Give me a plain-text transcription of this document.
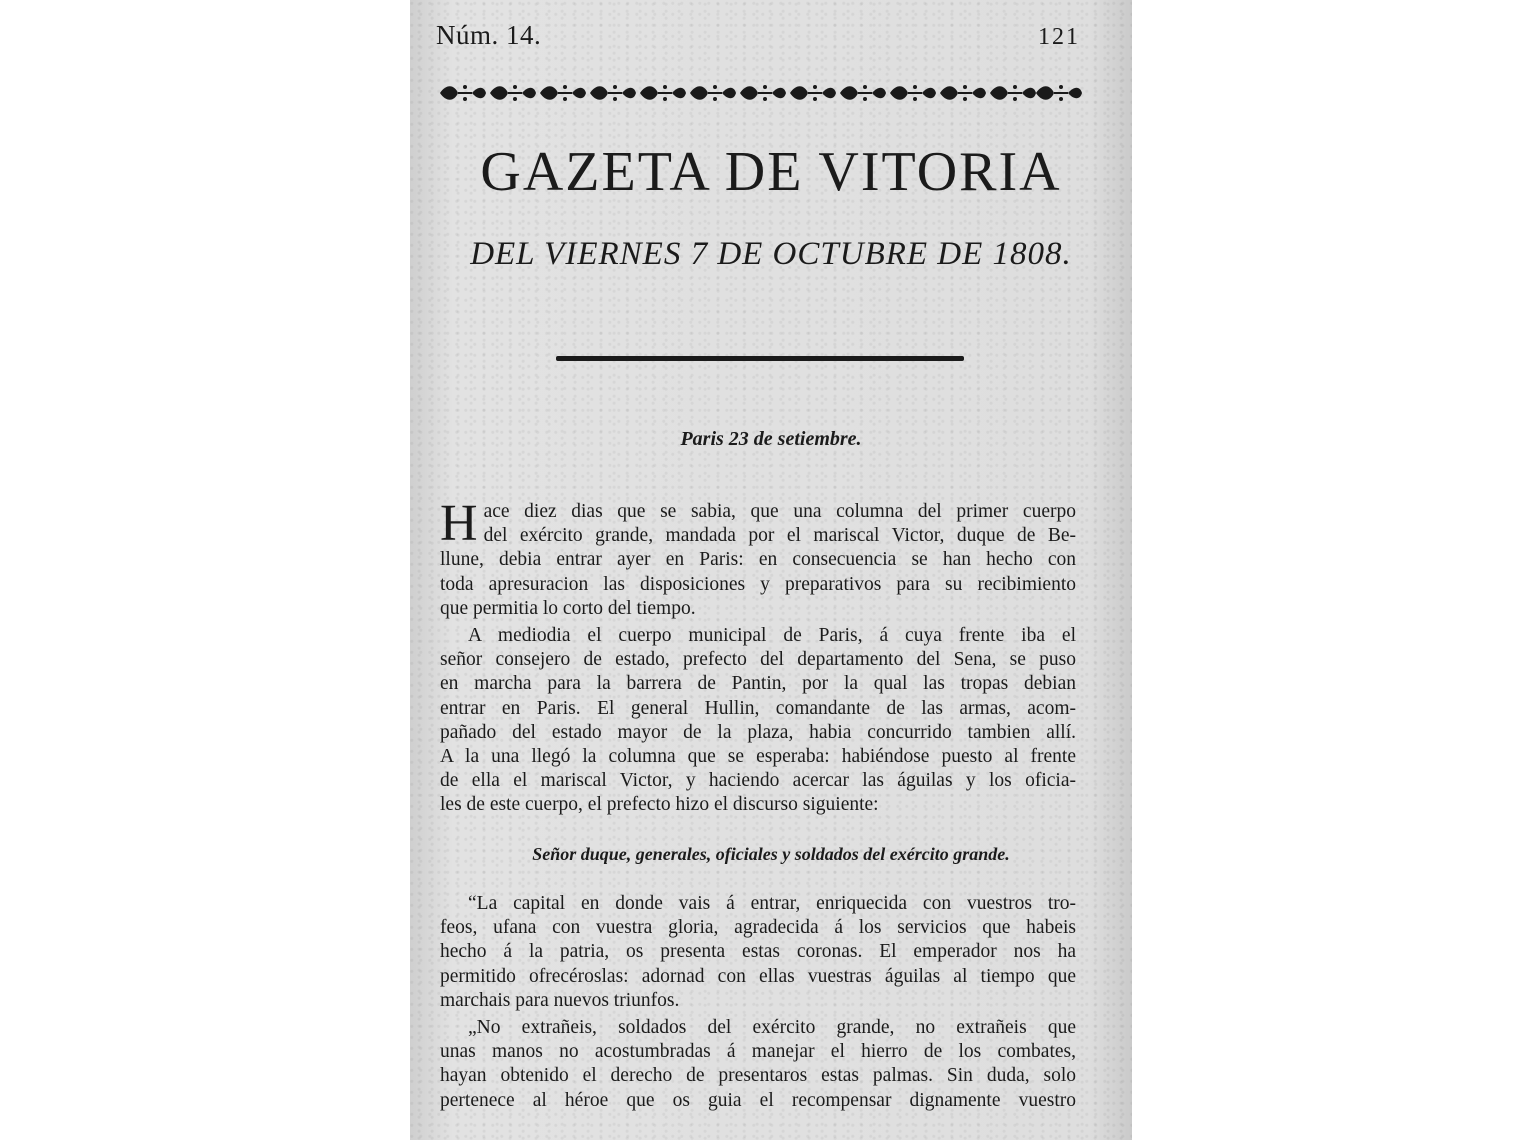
Núm. 14.	121
GAZETA DE VITORIA
DEL VIERNES 7 DE OCTUBRE DE 1808.
Paris 23 de setiembre.
H ace diez dias que se sabia, que una columna del primer cuerpo
del exército grande, mandada por el mariscal Victor, duque de Be-
llune, debia entrar ayer en Paris: en consecuencia se han hecho con
toda apresuracion las disposiciones y preparativos para su recibimiento
que permitia lo corto del tiempo.
A mediodia el cuerpo municipal de Paris, á cuya frente iba el
señor consejero de estado, prefecto del departamento del Sena, se puso
en marcha para la barrera de Pantin, por la qual las tropas debian
entrar en Paris. El general Hullin, comandante de las armas, acom-
pañado del estado mayor de la plaza, habia concurrido tambien allí.
A la una llegó la columna que se esperaba: habiéndose puesto al frente
de ella el mariscal Victor, y haciendo acercar las águilas y los oficia-
les de este cuerpo, el prefecto hizo el discurso siguiente:
Señor duque, generales, oficiales y soldados del exército grande.
“La capital en donde vais á entrar, enriquecida con vuestros tro-
feos, ufana con vuestra gloria, agradecida á los servicios que habeis
hecho á la patria, os presenta estas coronas. El emperador nos ha
permitido ofrecéroslas: adornad con ellas vuestras águilas al tiempo que
marchais para nuevos triunfos.
„No extrañeis, soldados del exército grande, no extrañeis que
unas manos no acostumbradas á manejar el hierro de los combates,
hayan obtenido el derecho de presentaros estas palmas. Sin duda, solo
pertenece al héroe que os guia el recompensar dignamente vuestro
